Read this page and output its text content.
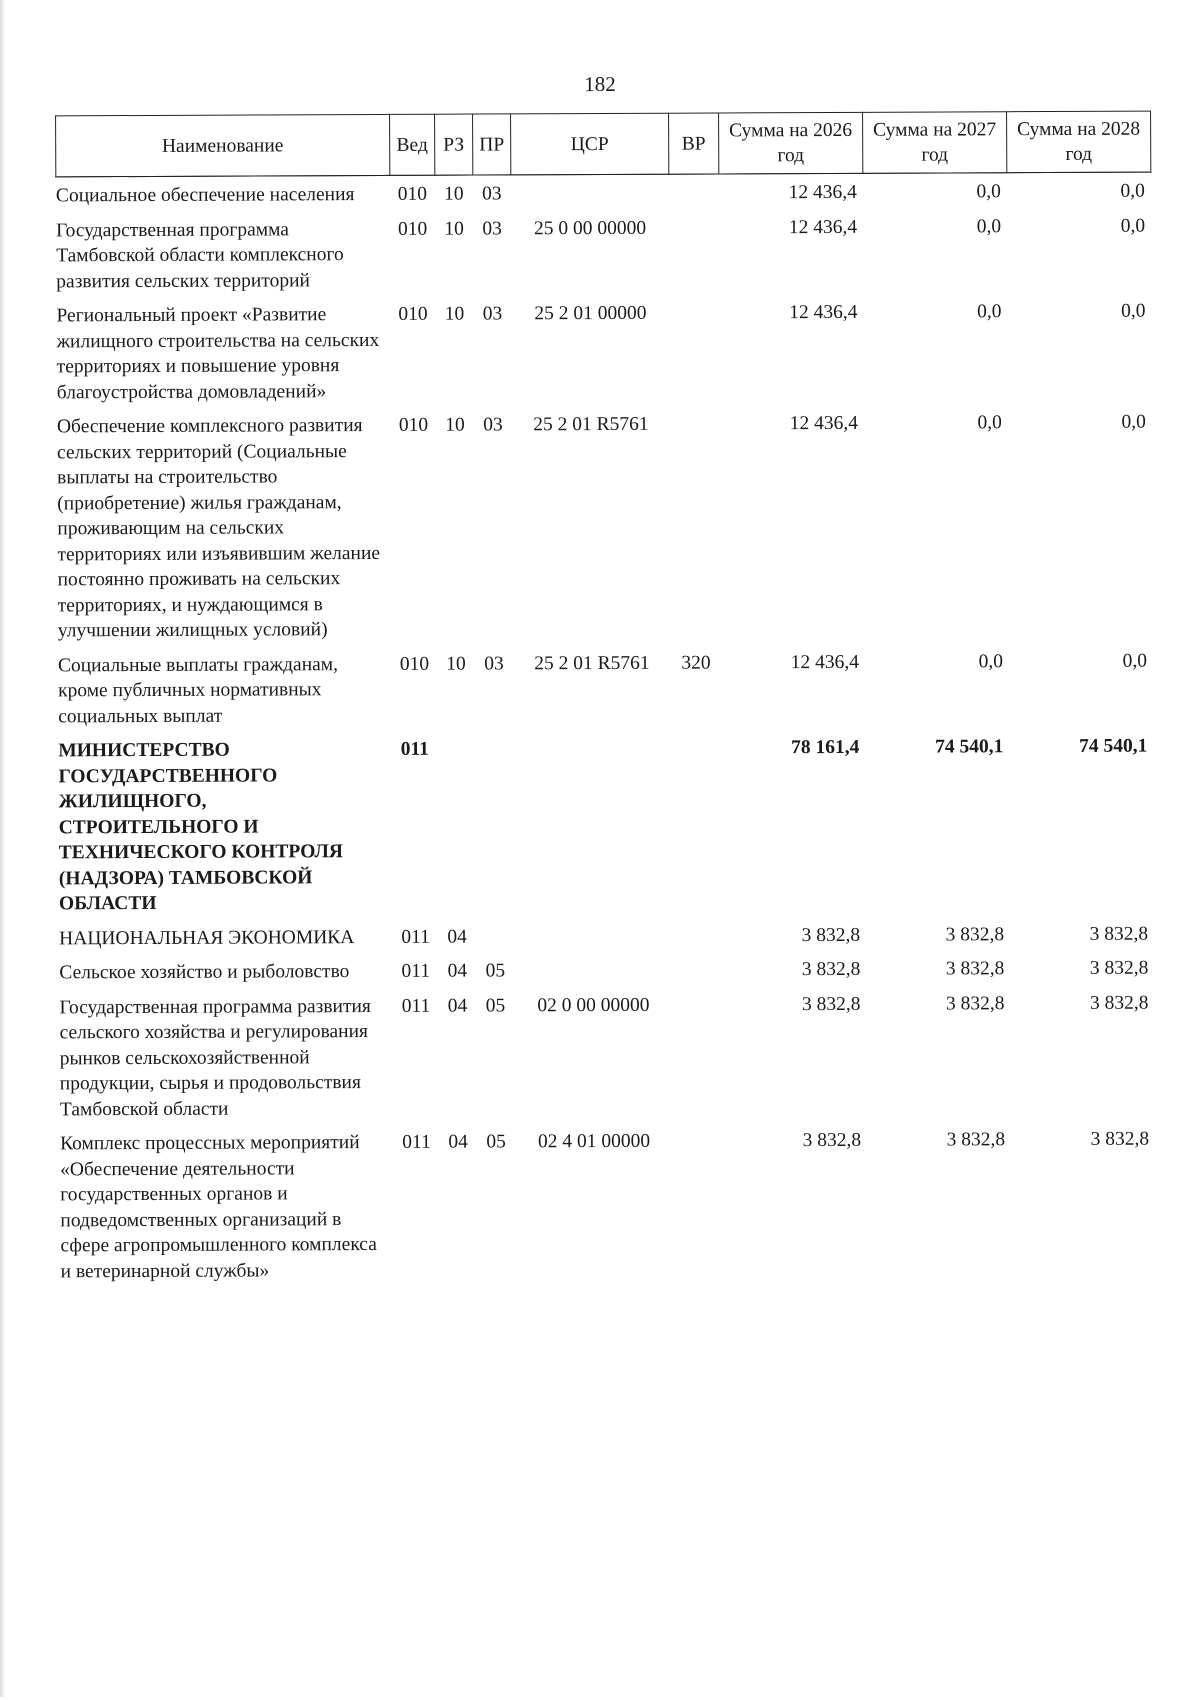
182
Наименование	Вед	РЗ	ПР	ЦСР	ВР	Сумма на 2026 год	Сумма на 2027 год	Сумма на 2028 год
Социальное обеспечение населения	010	10	03			12 436,4	0,0	0,0
Государственная программа Тамбовской области комплексного развития сельских территорий	010	10	03	25 0 00 00000		12 436,4	0,0	0,0
Региональный проект «Развитие жилищного строительства на сельских территориях и повышение уровня благоустройства домовладений»	010	10	03	25 2 01 00000		12 436,4	0,0	0,0
Обеспечение комплексного развития сельских территорий (Социальные выплаты на строительство (приобретение) жилья гражданам, проживающим на сельских территориях или изъявившим желание постоянно проживать на сельских территориях, и нуждающимся в улучшении жилищных условий)	010	10	03	25 2 01 R5761		12 436,4	0,0	0,0
Социальные выплаты гражданам, кроме публичных нормативных социальных выплат	010	10	03	25 2 01 R5761	320	12 436,4	0,0	0,0
МИНИСТЕРСТВО ГОСУДАРСТВЕННОГО ЖИЛИЩНОГО, СТРОИТЕЛЬНОГО И ТЕХНИЧЕСКОГО КОНТРОЛЯ (НАДЗОРА) ТАМБОВСКОЙ ОБЛАСТИ	011					78 161,4	74 540,1	74 540,1
НАЦИОНАЛЬНАЯ ЭКОНОМИКА	011	04				3 832,8	3 832,8	3 832,8
Сельское хозяйство и рыболовство	011	04	05			3 832,8	3 832,8	3 832,8
Государственная программа развития сельского хозяйства и регулирования рынков сельскохозяйственной продукции, сырья и продовольствия Тамбовской области	011	04	05	02 0 00 00000		3 832,8	3 832,8	3 832,8
Комплекс процессных мероприятий «Обеспечение деятельности государственных органов и подведомственных организаций в сфере агропромышленного комплекса и ветеринарной службы»	011	04	05	02 4 01 00000		3 832,8	3 832,8	3 832,8
